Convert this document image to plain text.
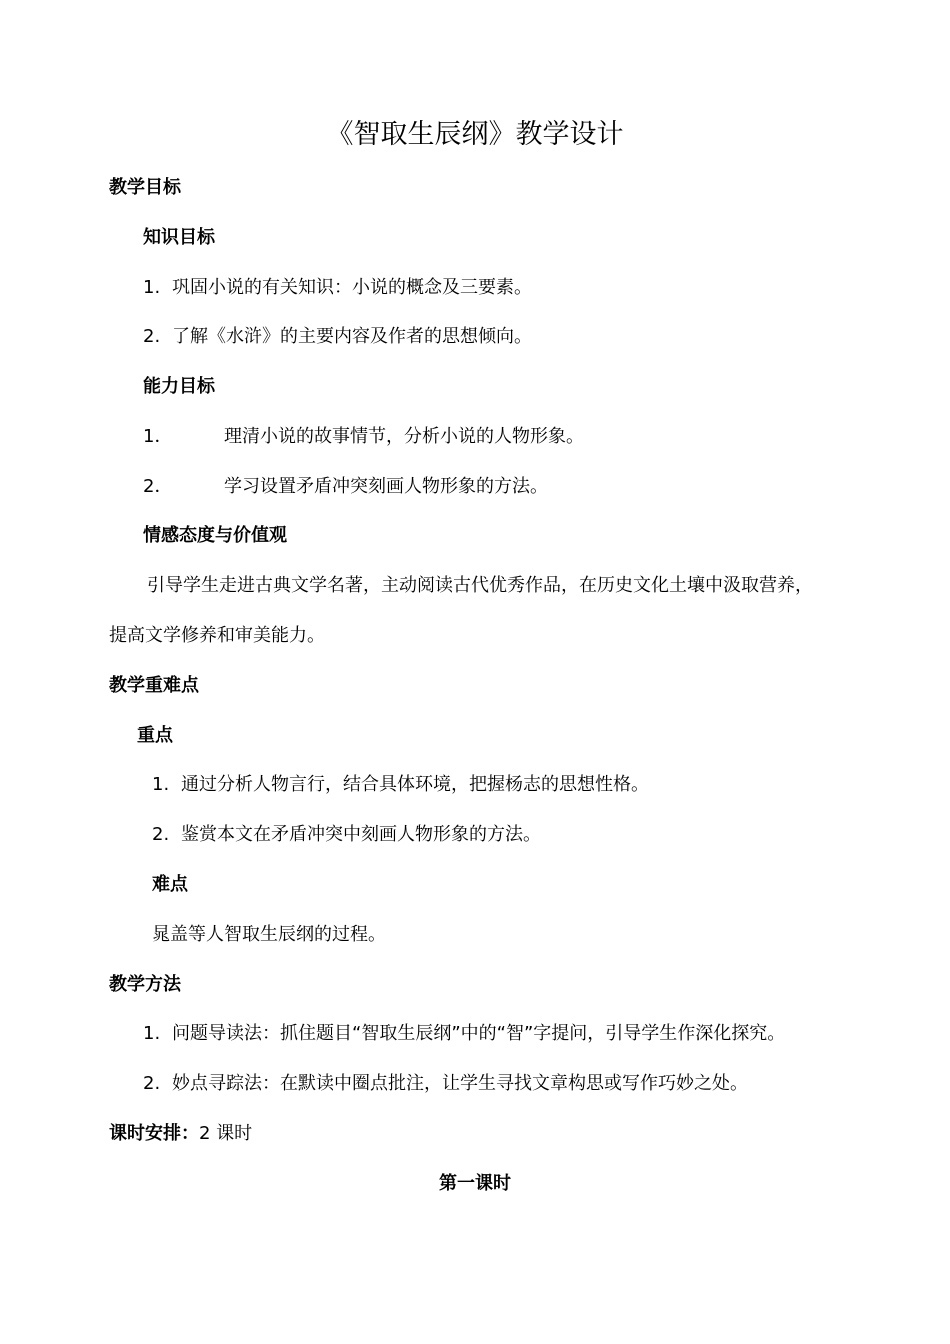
《智取生辰纲》教学设计
教学目标
知识目标
1. 巩固小说的有关知识：小说的概念及三要素。
2. 了解《水浒》的主要内容及作者的思想倾向。
能力目标
1．	理清小说的故事情节，分析小说的人物形象。
2．	学习设置矛盾冲突刻画人物形象的方法。
情感态度与价值观
引导学生走进古典文学名著，主动阅读古代优秀作品，在历史文化土壤中汲取营养，
提高文学修养和审美能力。
教学重难点
重点
1. 通过分析人物言行，结合具体环境，把握杨志的思想性格。
2. 鉴赏本文在矛盾冲突中刻画人物形象的方法。
难点
晁盖等人智取生辰纲的过程。
教学方法
1. 问题导读法：抓住题目“智取生辰纲”中的“智”字提问，引导学生作深化探究。
2. 妙点寻踪法：在默读中圈点批注，让学生寻找文章构思或写作巧妙之处。
课时安排：2 课时
第一课时
